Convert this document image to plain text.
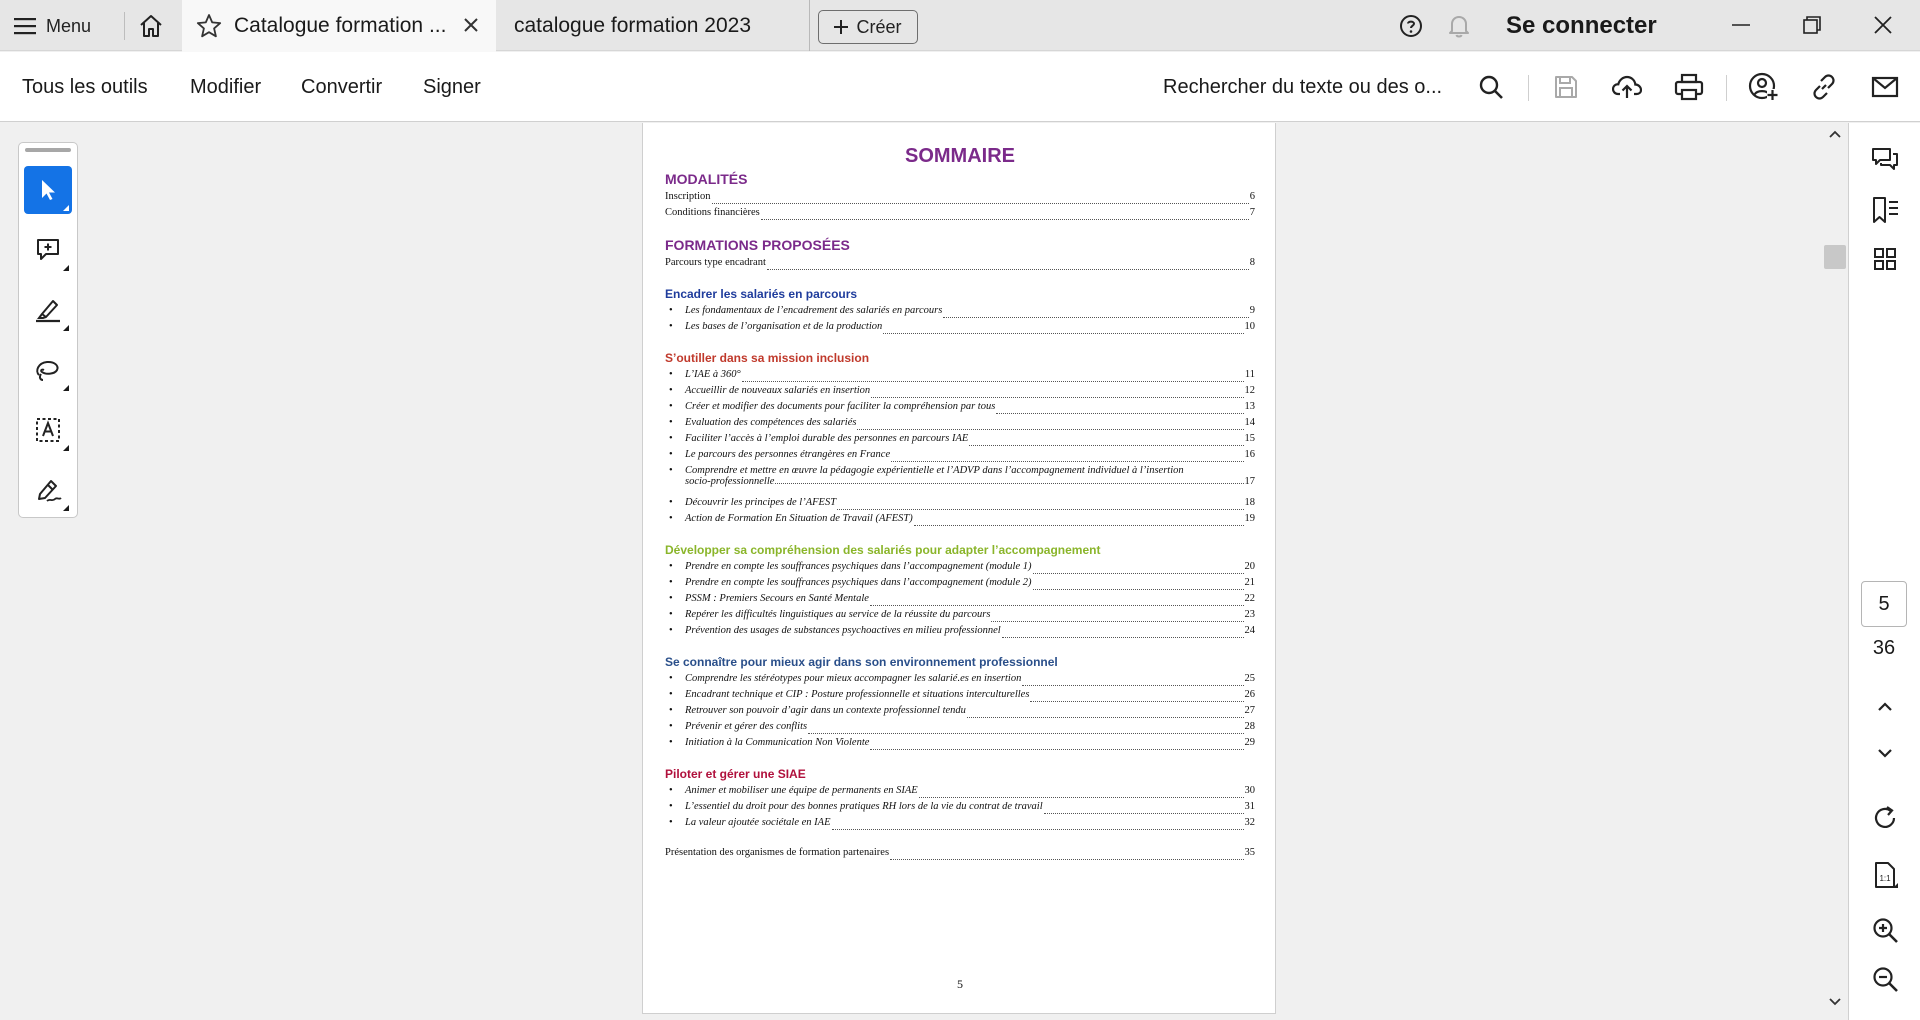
Menu	Catalogue formation ...	catalogue formation 2023	Créer	Se connecter
Tous les outils Modifier Convertir Signer	Rechercher du texte ou des o...
SOMMAIRE
5
MODALITÉS
Inscription	6
Conditions financières	7
FORMATIONS PROPOSÉES
Parcours type encadrant	8
Encadrer les salariés en parcours
• Les fondamentaux de l’encadrement des salariés en parcours	9
• Les bases de l’organisation et de la production	10
S’outiller dans sa mission inclusion
• L’IAE à 360°	11
• Accueillir de nouveaux salariés en insertion	12
• Créer et modifier des documents pour faciliter la compréhension par tous	13
• Evaluation des compétences des salariés	14
• Faciliter l’accès à l’emploi durable des personnes en parcours IAE	15
• Le parcours des personnes étrangères en France	16
• Comprendre et mettre en œuvre la pédagogie expérientielle et l’ADVP dans l’accompagnement individuel à l’insertion
socio-professionnelle	17
• Découvrir les principes de l’AFEST	18
• Action de Formation En Situation de Travail (AFEST)	19
Développer sa compréhension des salariés pour adapter l’accompagnement
• Prendre en compte les souffrances psychiques dans l’accompagnement (module 1)	20
• Prendre en compte les souffrances psychiques dans l’accompagnement (module 2)	21
• PSSM : Premiers Secours en Santé Mentale	22
• Repérer les difficultés linguistiques au service de la réussite du parcours	23
• Prévention des usages de substances psychoactives en milieu professionnel	24
Se connaître pour mieux agir dans son environnement professionnel
• Comprendre les stéréotypes pour mieux accompagner les salarié.es en insertion	25
• Encadrant technique et CIP : Posture professionnelle et situations interculturelles	26
• Retrouver son pouvoir d’agir dans un contexte professionnel tendu	27
• Prévenir et gérer des conflits	28
• Initiation à la Communication Non Violente	29
Piloter et gérer une SIAE
• Animer et mobiliser une équipe de permanents en SIAE	30
• L’essentiel du droit pour des bonnes pratiques RH lors de la vie du contrat de travail	31
• La valeur ajoutée sociétale en IAE	32
Présentation des organismes de formation partenaires	35
5
36
1:1
